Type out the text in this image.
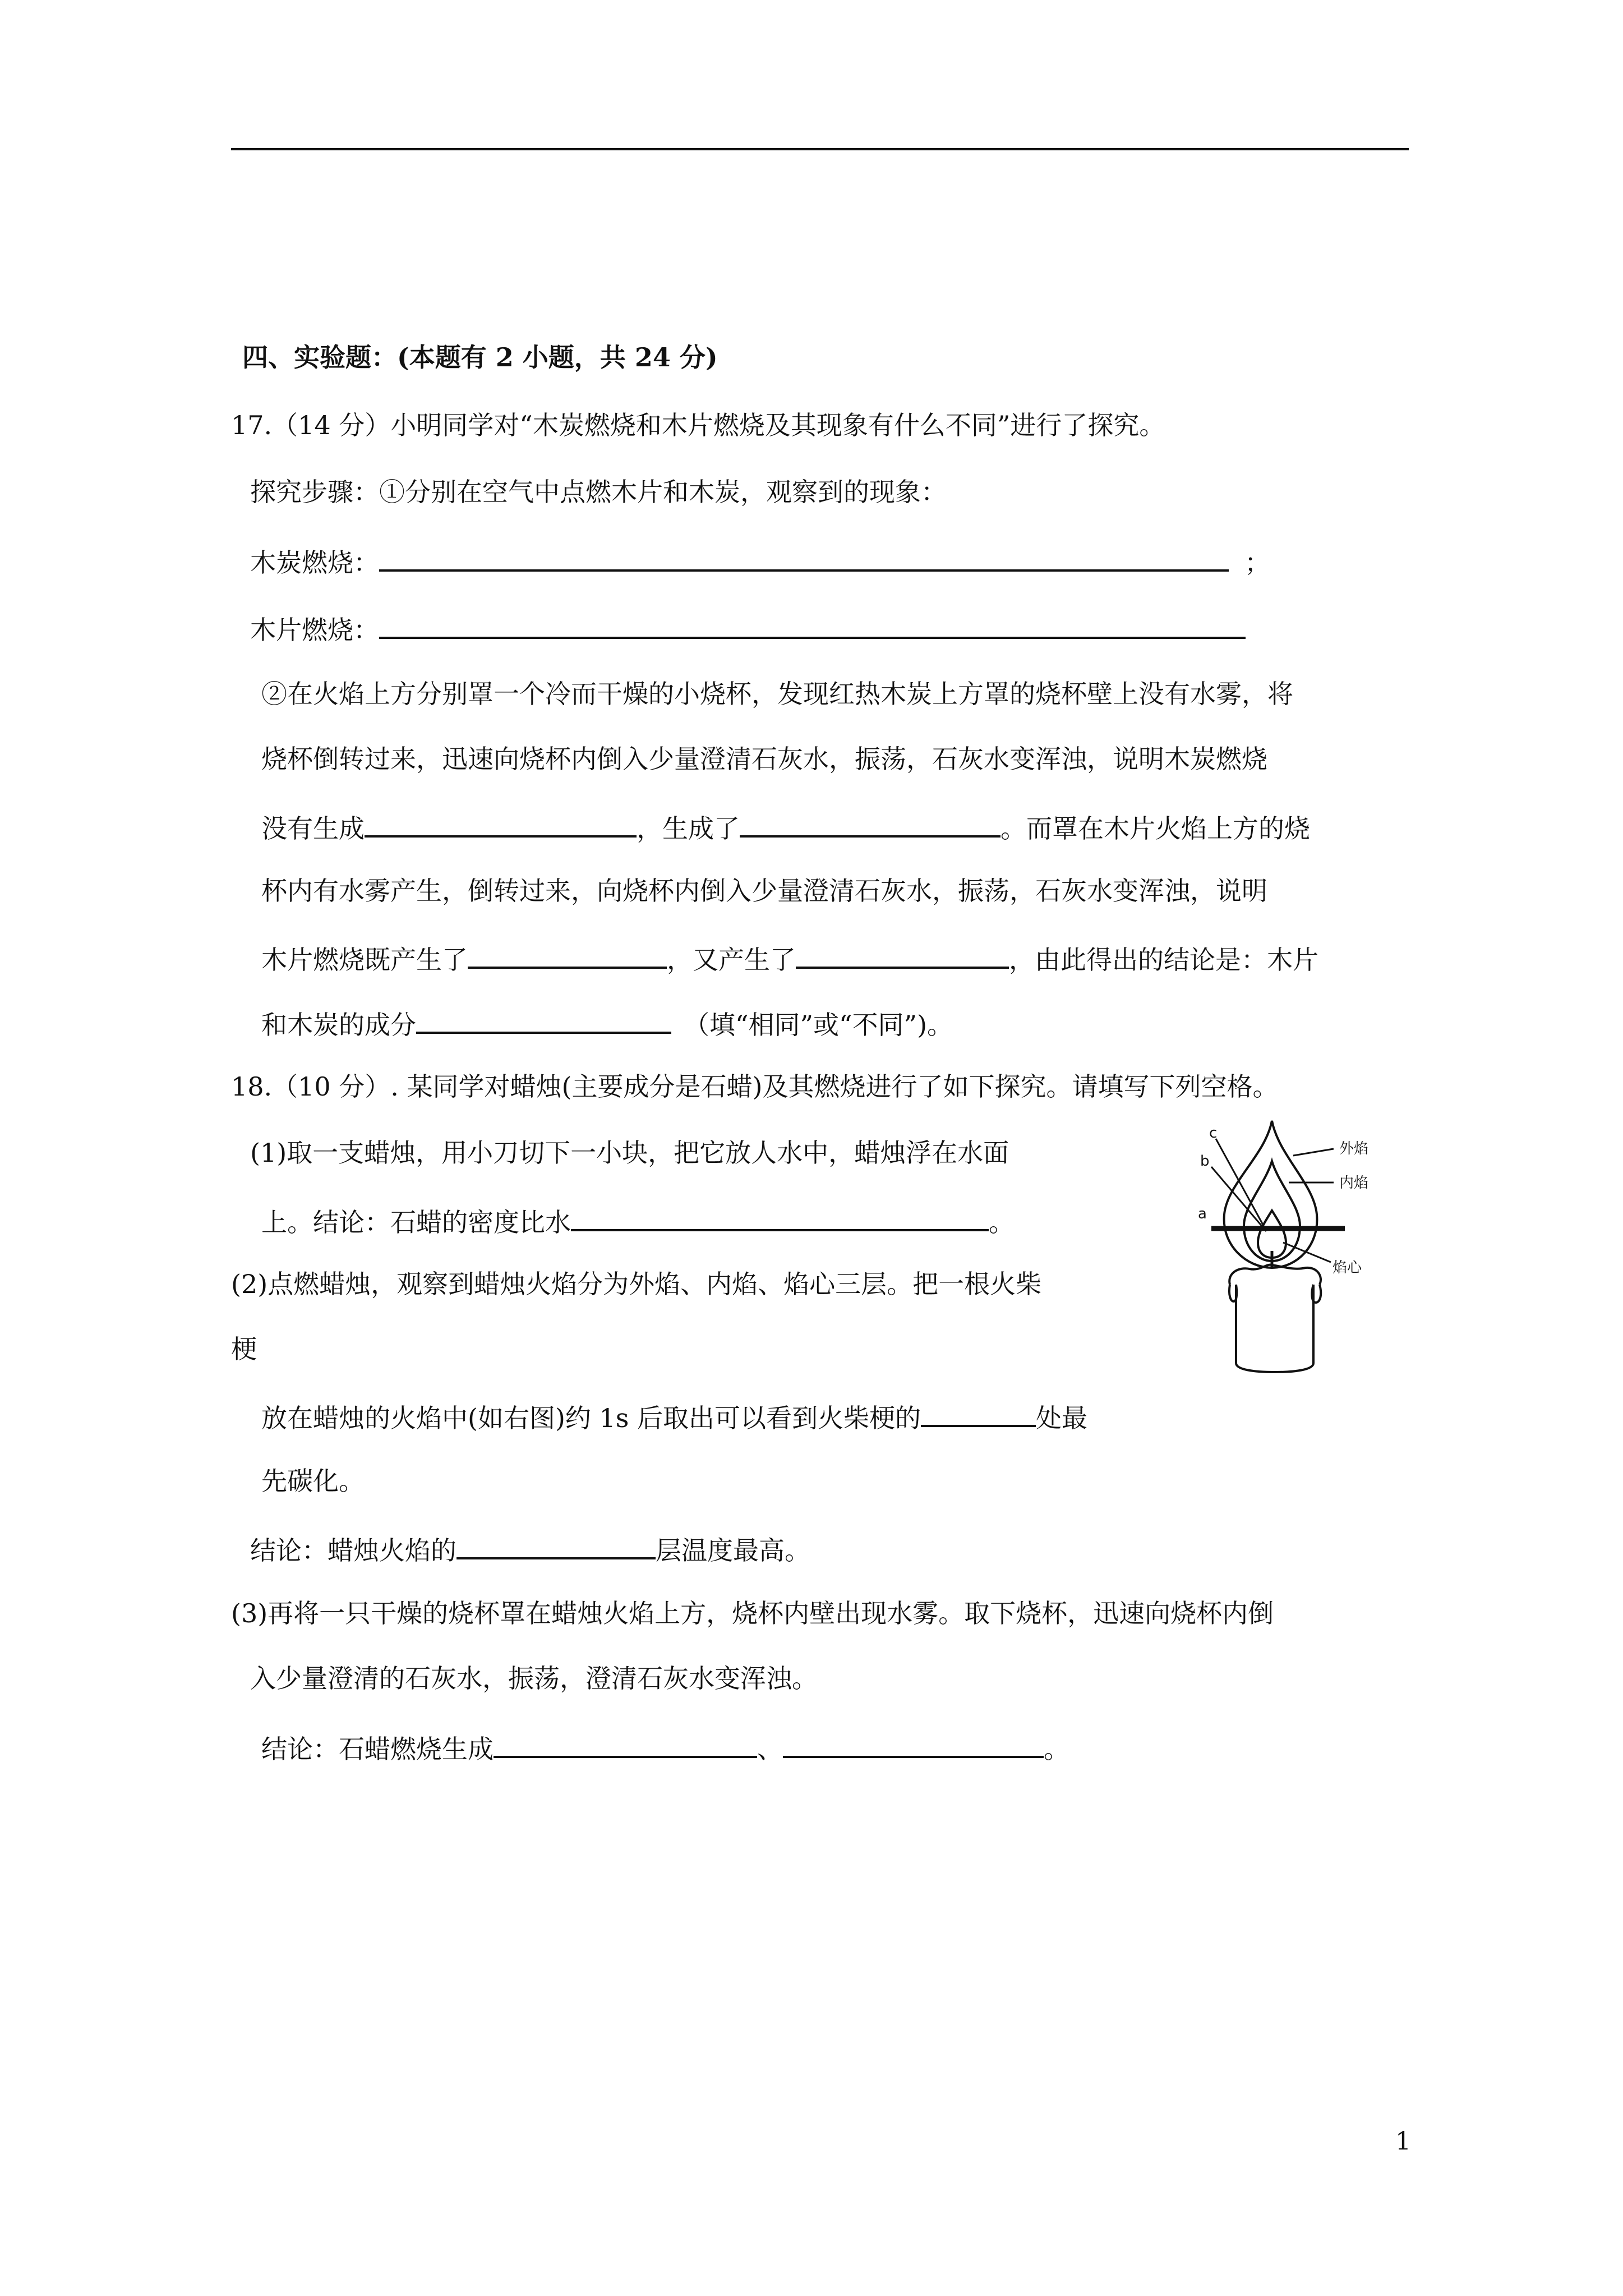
四、实验题：(本题有 2 小题，共 24 分)
17.（14 分）小明同学对“木炭燃烧和木片燃烧及其现象有什么不同”进行了探究。
探究步骤：①分别在空气中点燃木片和木炭，观察到的现象：
木炭燃烧：	；
木片燃烧：
②在火焰上方分别罩一个冷而干燥的小烧杯，发现红热木炭上方罩的烧杯壁上没有水雾，将
烧杯倒转过来，迅速向烧杯内倒入少量澄清石灰水，振荡，石灰水变浑浊，说明木炭燃烧
没有生成	，生成了	。而罩在木片火焰上方的烧
杯内有水雾产生，倒转过来，向烧杯内倒入少量澄清石灰水，振荡，石灰水变浑浊，说明
木片燃烧既产生了	，又产生了	，由此得出的结论是：木片
和木炭的成分	（填“相同”或“不同”)。
18.（10 分）. 某同学对蜡烛(主要成分是石蜡)及其燃烧进行了如下探究。请填写下列空格。
(1)取一支蜡烛，用小刀切下一小块，把它放人水中，蜡烛浮在水面
上。结论：石蜡的密度比水	。
(2)点燃蜡烛，观察到蜡烛火焰分为外焰、内焰、焰心三层。把一根火柴
梗
放在蜡烛的火焰中(如右图)约 1s 后取出可以看到火柴梗的	处最
先碳化。
结论：蜡烛火焰的	层温度最高。
(3)再将一只干燥的烧杯罩在蜡烛火焰上方，烧杯内壁出现水雾。取下烧杯，迅速向烧杯内倒
入少量澄清的石灰水，振荡，澄清石灰水变浑浊。
结论：石蜡燃烧生成	、	。
外焰
内焰
焰心
c
b
a
1
